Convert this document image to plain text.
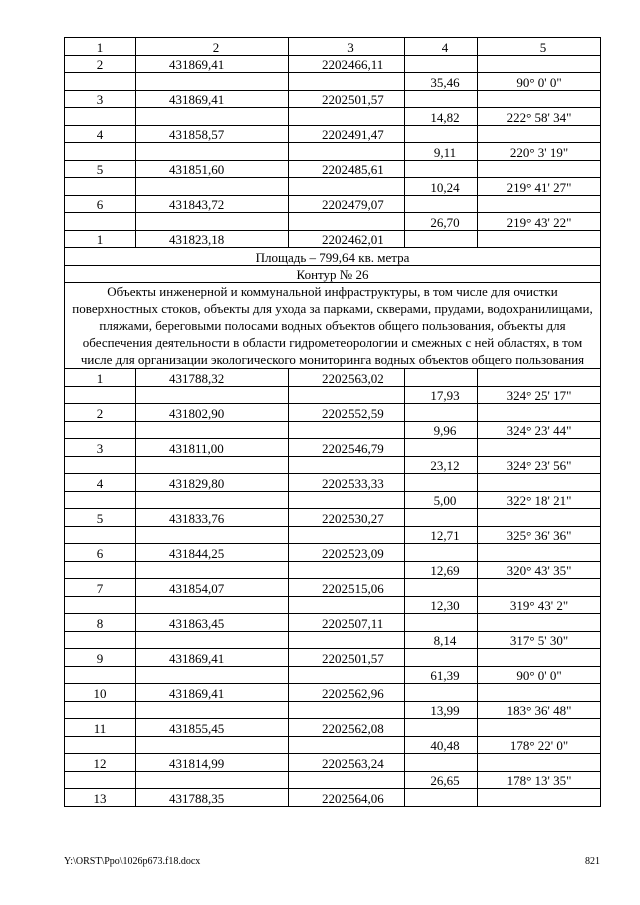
1	2	3	4	5
2	431869,41	2202466,11		
			35,46	90° 0' 0"
3	431869,41	2202501,57		
			14,82	222° 58' 34"
4	431858,57	2202491,47		
			9,11	220° 3' 19"
5	431851,60	2202485,61		
			10,24	219° 41' 27"
6	431843,72	2202479,07		
			26,70	219° 43' 22"
1	431823,18	2202462,01		
Площадь – 799,64 кв. метра				
Контур № 26				
Объекты инженерной и коммунальной инфраструктуры, в том числе для очистки поверхностных стоков, объекты для ухода за парками, скверами, прудами, водохранилищами, пляжами, береговыми полосами водных объектов общего пользования, объекты для обеспечения деятельности в области гидрометеорологии и смежных с ней областях, в том числе для организации экологического мониторинга водных объектов общего пользования				
1	431788,32	2202563,02		
			17,93	324° 25' 17"
2	431802,90	2202552,59		
			9,96	324° 23' 44"
3	431811,00	2202546,79		
			23,12	324° 23' 56"
4	431829,80	2202533,33		
			5,00	322° 18' 21"
5	431833,76	2202530,27		
			12,71	325° 36' 36"
6	431844,25	2202523,09		
			12,69	320° 43' 35"
7	431854,07	2202515,06		
			12,30	319° 43' 2"
8	431863,45	2202507,11		
			8,14	317° 5' 30"
9	431869,41	2202501,57		
			61,39	90° 0' 0"
10	431869,41	2202562,96		
			13,99	183° 36' 48"
11	431855,45	2202562,08		
			40,48	178° 22' 0"
12	431814,99	2202563,24		
			26,65	178° 13' 35"
13	431788,35	2202564,06		
Y:\ORST\Ppo\1026p673.f18.docx	821
